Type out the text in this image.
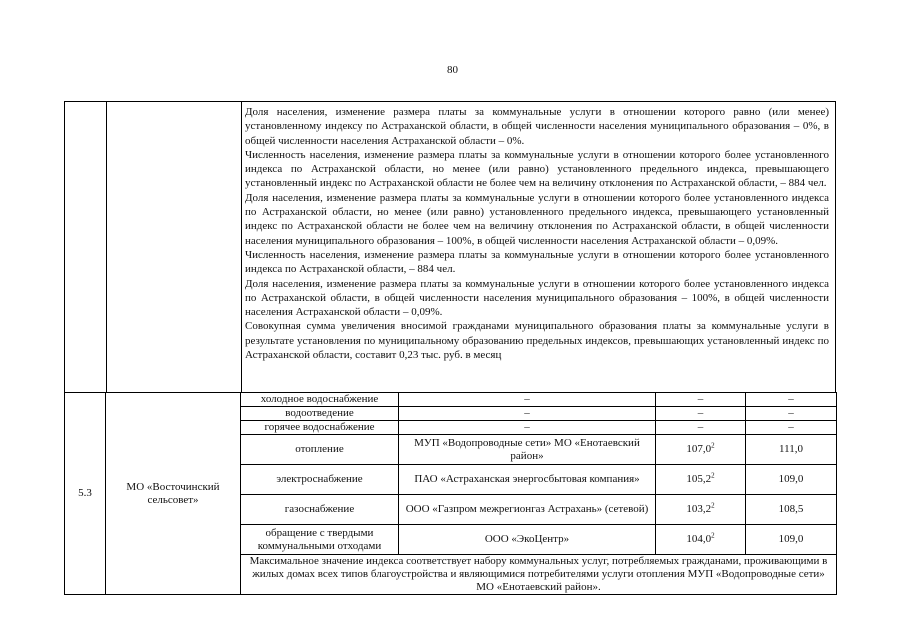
80

Доля населения, изменение размера платы за коммунальные услуги в отношении которого равно (или менее) установленному индексу по Астраханской области, в общей численности населения муниципального образования – 0%, в общей численности населения Астраханской области – 0%.

Численность населения, изменение размера платы за коммунальные услуги в отношении которого более установленного индекса по Астраханской области, но менее (или равно) установленного предельного индекса, превышающего установленный индекс по Астраханской области не более чем на величину отклонения по Астраханской области, – 884 чел.

Доля населения, изменение размера платы за коммунальные услуги в отношении которого более установленного индекса по Астраханской области, но менее (или равно) установленного предельного индекса, превышающего установленный индекс по Астраханской области не более чем на величину отклонения по Астраханской области, в общей численности населения муниципального образования – 100%, в общей численности населения Астраханской области – 0,09%.

Численность населения, изменение размера платы за коммунальные услуги в отношении которого более установленного индекса по Астраханской области, – 884 чел.

Доля населения, изменение размера платы за коммунальные услуги в отношении которого более установленного индекса по Астраханской области, в общей численности населения муниципального образования – 100%, в общей численности населения Астраханской области – 0,09%.

Совокупная сумма увеличения вносимой гражданами муниципального образования платы за коммунальные услуги в результате установления по муниципальному образованию предельных индексов, превышающих установленный индекс по Астраханской области, составит 0,23 тыс. руб. в месяц

5.3	МО «Восточинский сельсовет»	холодное водоснабжение	–	–	–
		водоотведение	–	–	–
		горячее водоснабжение	–	–	–
		отопление	МУП «Водопроводные сети» МО «Енотаевский район»	107,0$^2$	111,0
		электроснабжение	ПАО «Астраханская энергосбытовая компания»	105,2$^2$	109,0
		газоснабжение	ООО «Газпром межрегионгаз Астрахань» (сетевой)	103,2$^2$	108,5
		обращение с твердыми коммунальными отходами	ООО «ЭкоЦентр»	104,0$^2$	109,0
		Максимальное значение индекса соответствует набору коммунальных услуг, потребляемых гражданами, проживающими в жилых домах всех типов благоустройства и являющимися потребителями услуги отопления МУП «Водопроводные сети» МО «Енотаевский район».			
